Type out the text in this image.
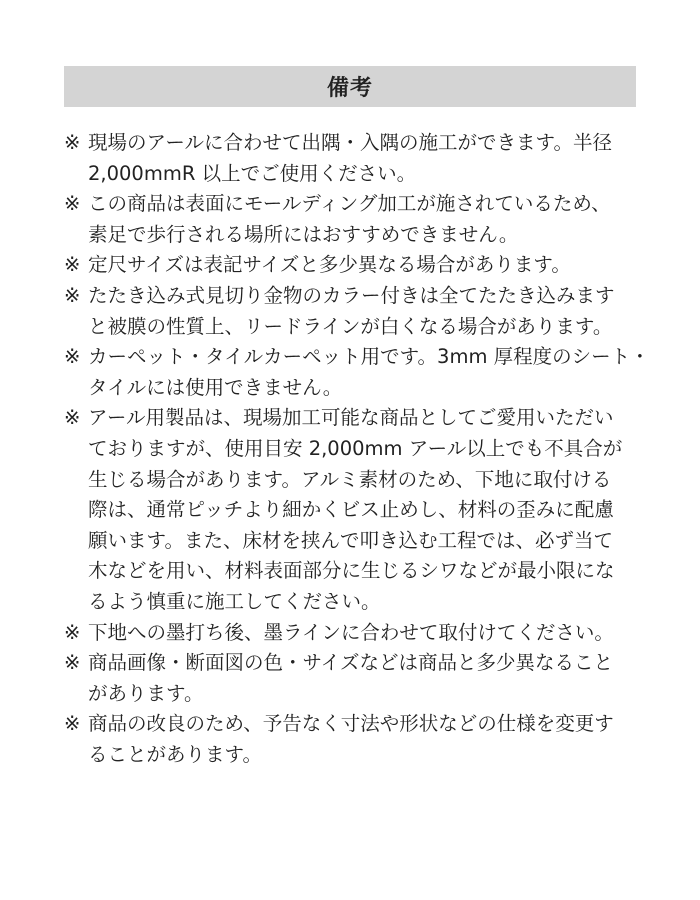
備考
※ 現場のアールに合わせて出隅・入隅の施工ができます。半径
2,000mmR 以上でご使用ください。
※ この商品は表面にモールディング加工が施されているため、
素足で歩行される場所にはおすすめできません。
※ 定尺サイズは表記サイズと多少異なる場合があります。
※ たたき込み式見切り金物のカラー付きは全てたたき込みます
と被膜の性質上、リードラインが白くなる場合があります。
※ カーペット・タイルカーペット用です。3mm 厚程度のシート・
タイルには使用できません。
※ アール用製品は、現場加工可能な商品としてご愛用いただい
ておりますが、使用目安 2,000mm アール以上でも不具合が
生じる場合があります。アルミ素材のため、下地に取付ける
際は、通常ピッチより細かくビス止めし、材料の歪みに配慮
願います。また、床材を挟んで叩き込む工程では、必ず当て
木などを用い、材料表面部分に生じるシワなどが最小限にな
るよう慎重に施工してください。
※ 下地への墨打ち後、墨ラインに合わせて取付けてください。
※ 商品画像・断面図の色・サイズなどは商品と多少異なること
があります。
※ 商品の改良のため、予告なく寸法や形状などの仕様を変更す
ることがあります。
